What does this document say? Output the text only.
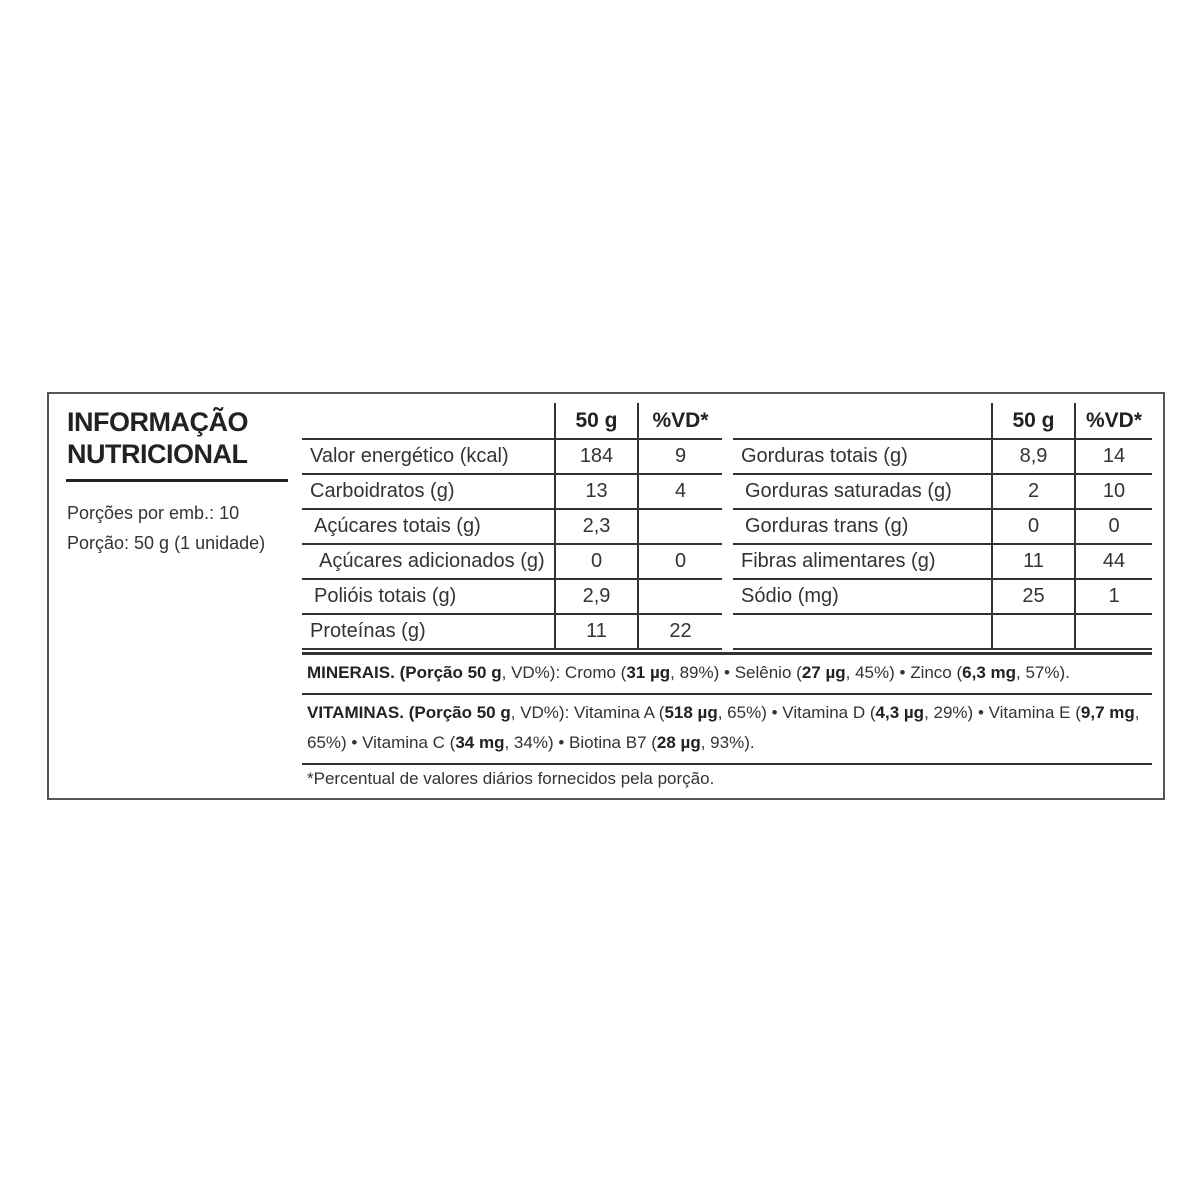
INFORMAÇÃO
NUTRICIONAL
Porções por emb.: 10
Porção: 50 g (1 unidade)
	50 g	%VD*
Valor energético (kcal)	184	9
Carboidratos (g)	13	4
Açúcares totais (g)	2,3	
Açúcares adicionados (g)	0	0
Polióis totais (g)	2,9	
Proteínas (g)	11	22
	50 g	%VD*
Gorduras totais (g)	8,9	14
Gorduras saturadas (g)	2	10
Gorduras trans (g)	0	0
Fibras alimentares (g)	11	44
Sódio (mg)	25	1

MINERAIS. (Porção 50 g, VD%): Cromo (31 µg, 89%) • Selênio (27 µg, 45%) • Zinco (6,3 mg, 57%).
VITAMINAS. (Porção 50 g, VD%): Vitamina A (518 µg, 65%) • Vitamina D (4,3 µg, 29%) • Vitamina E (9,7 mg, 65%) • Vitamina C (34 mg, 34%) • Biotina B7 (28 µg, 93%).
*Percentual de valores diários fornecidos pela porção.
